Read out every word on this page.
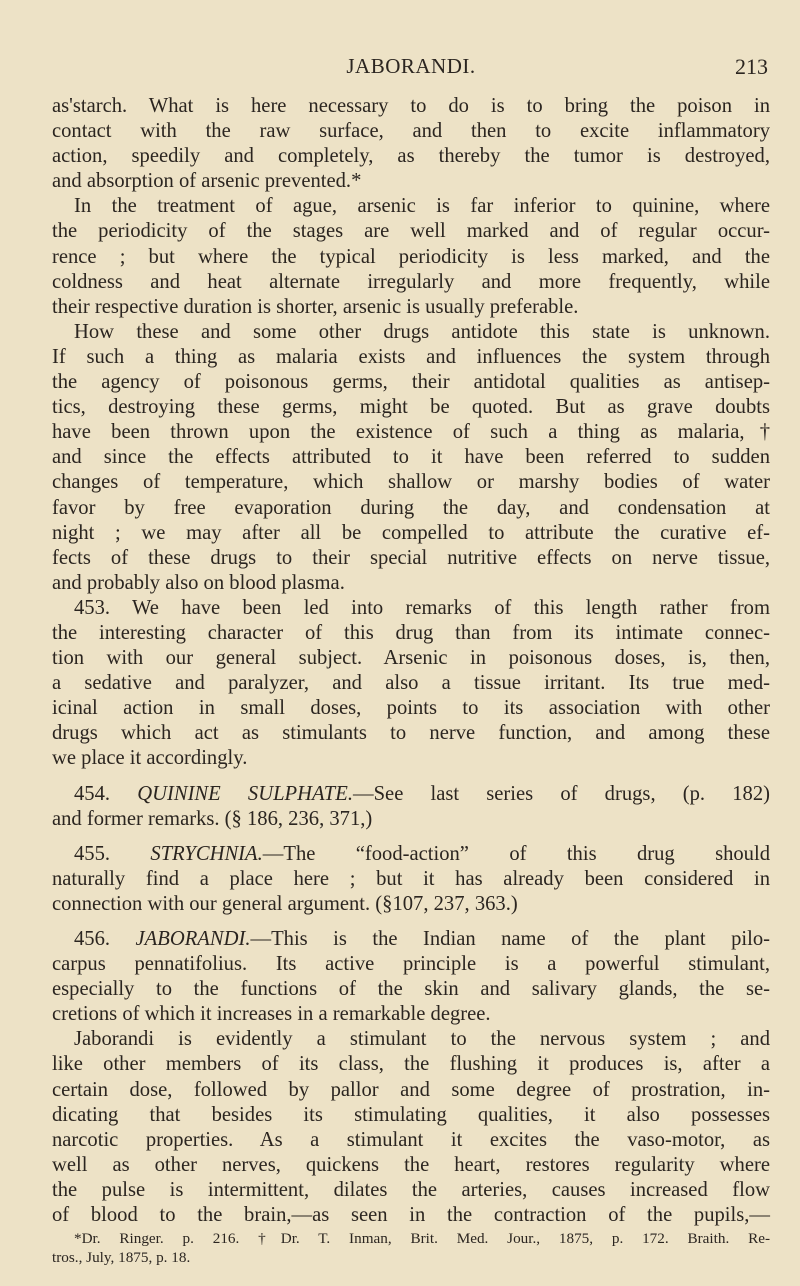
JABORANDI.	213
as'starch. What is here necessary to do is to bring the poison in
contact with the raw surface, and then to excite inflammatory
action, speedily and completely, as thereby the tumor is destroyed,
and absorption of arsenic prevented.*
In the treatment of ague, arsenic is far inferior to quinine, where
the periodicity of the stages are well marked and of regular occur-
rence ; but where the typical periodicity is less marked, and the
coldness and heat alternate irregularly and more frequently, while
their respective duration is shorter, arsenic is usually preferable.
How these and some other drugs antidote this state is unknown.
If such a thing as malaria exists and influences the system through
the agency of poisonous germs, their antidotal qualities as antisep-
tics, destroying these germs, might be quoted. But as grave doubts
have been thrown upon the existence of such a thing as malaria,†
and since the effects attributed to it have been referred to sudden
changes of temperature, which shallow or marshy bodies of water
favor by free evaporation during the day, and condensation at
night ; we may after all be compelled to attribute the curative ef-
fects of these drugs to their special nutritive effects on nerve tissue,
and probably also on blood plasma.
453. We have been led into remarks of this length rather from
the interesting character of this drug than from its intimate connec-
tion with our general subject. Arsenic in poisonous doses, is, then,
a sedative and paralyzer, and also a tissue irritant. Its true med-
icinal action in small doses, points to its association with other
drugs which act as stimulants to nerve function, and among these
we place it accordingly.
454. QUININE SULPHATE.—See last series of drugs, (p. 182)
and former remarks. (§ 186, 236, 371,)
455. STRYCHNIA.—The “food-action” of this drug should
naturally find a place here ; but it has already been considered in
connection with our general argument. (§107, 237, 363.)
456. JABORANDI.—This is the Indian name of the plant pilo-
carpus pennatifolius. Its active principle is a powerful stimulant,
especially to the functions of the skin and salivary glands, the se-
cretions of which it increases in a remarkable degree.
Jaborandi is evidently a stimulant to the nervous system ; and
like other members of its class, the flushing it produces is, after a
certain dose, followed by pallor and some degree of prostration, in-
dicating that besides its stimulating qualities, it also possesses
narcotic properties. As a stimulant it excites the vaso-motor, as
well as other nerves, quickens the heart, restores regularity where
the pulse is intermittent, dilates the arteries, causes increased flow
of blood to the brain,—as seen in the contraction of the pupils,—
*Dr. Ringer. p. 216. †Dr. T. Inman, Brit. Med. Jour., 1875, p. 172. Braith. Re-
tros., July, 1875, p. 18.
